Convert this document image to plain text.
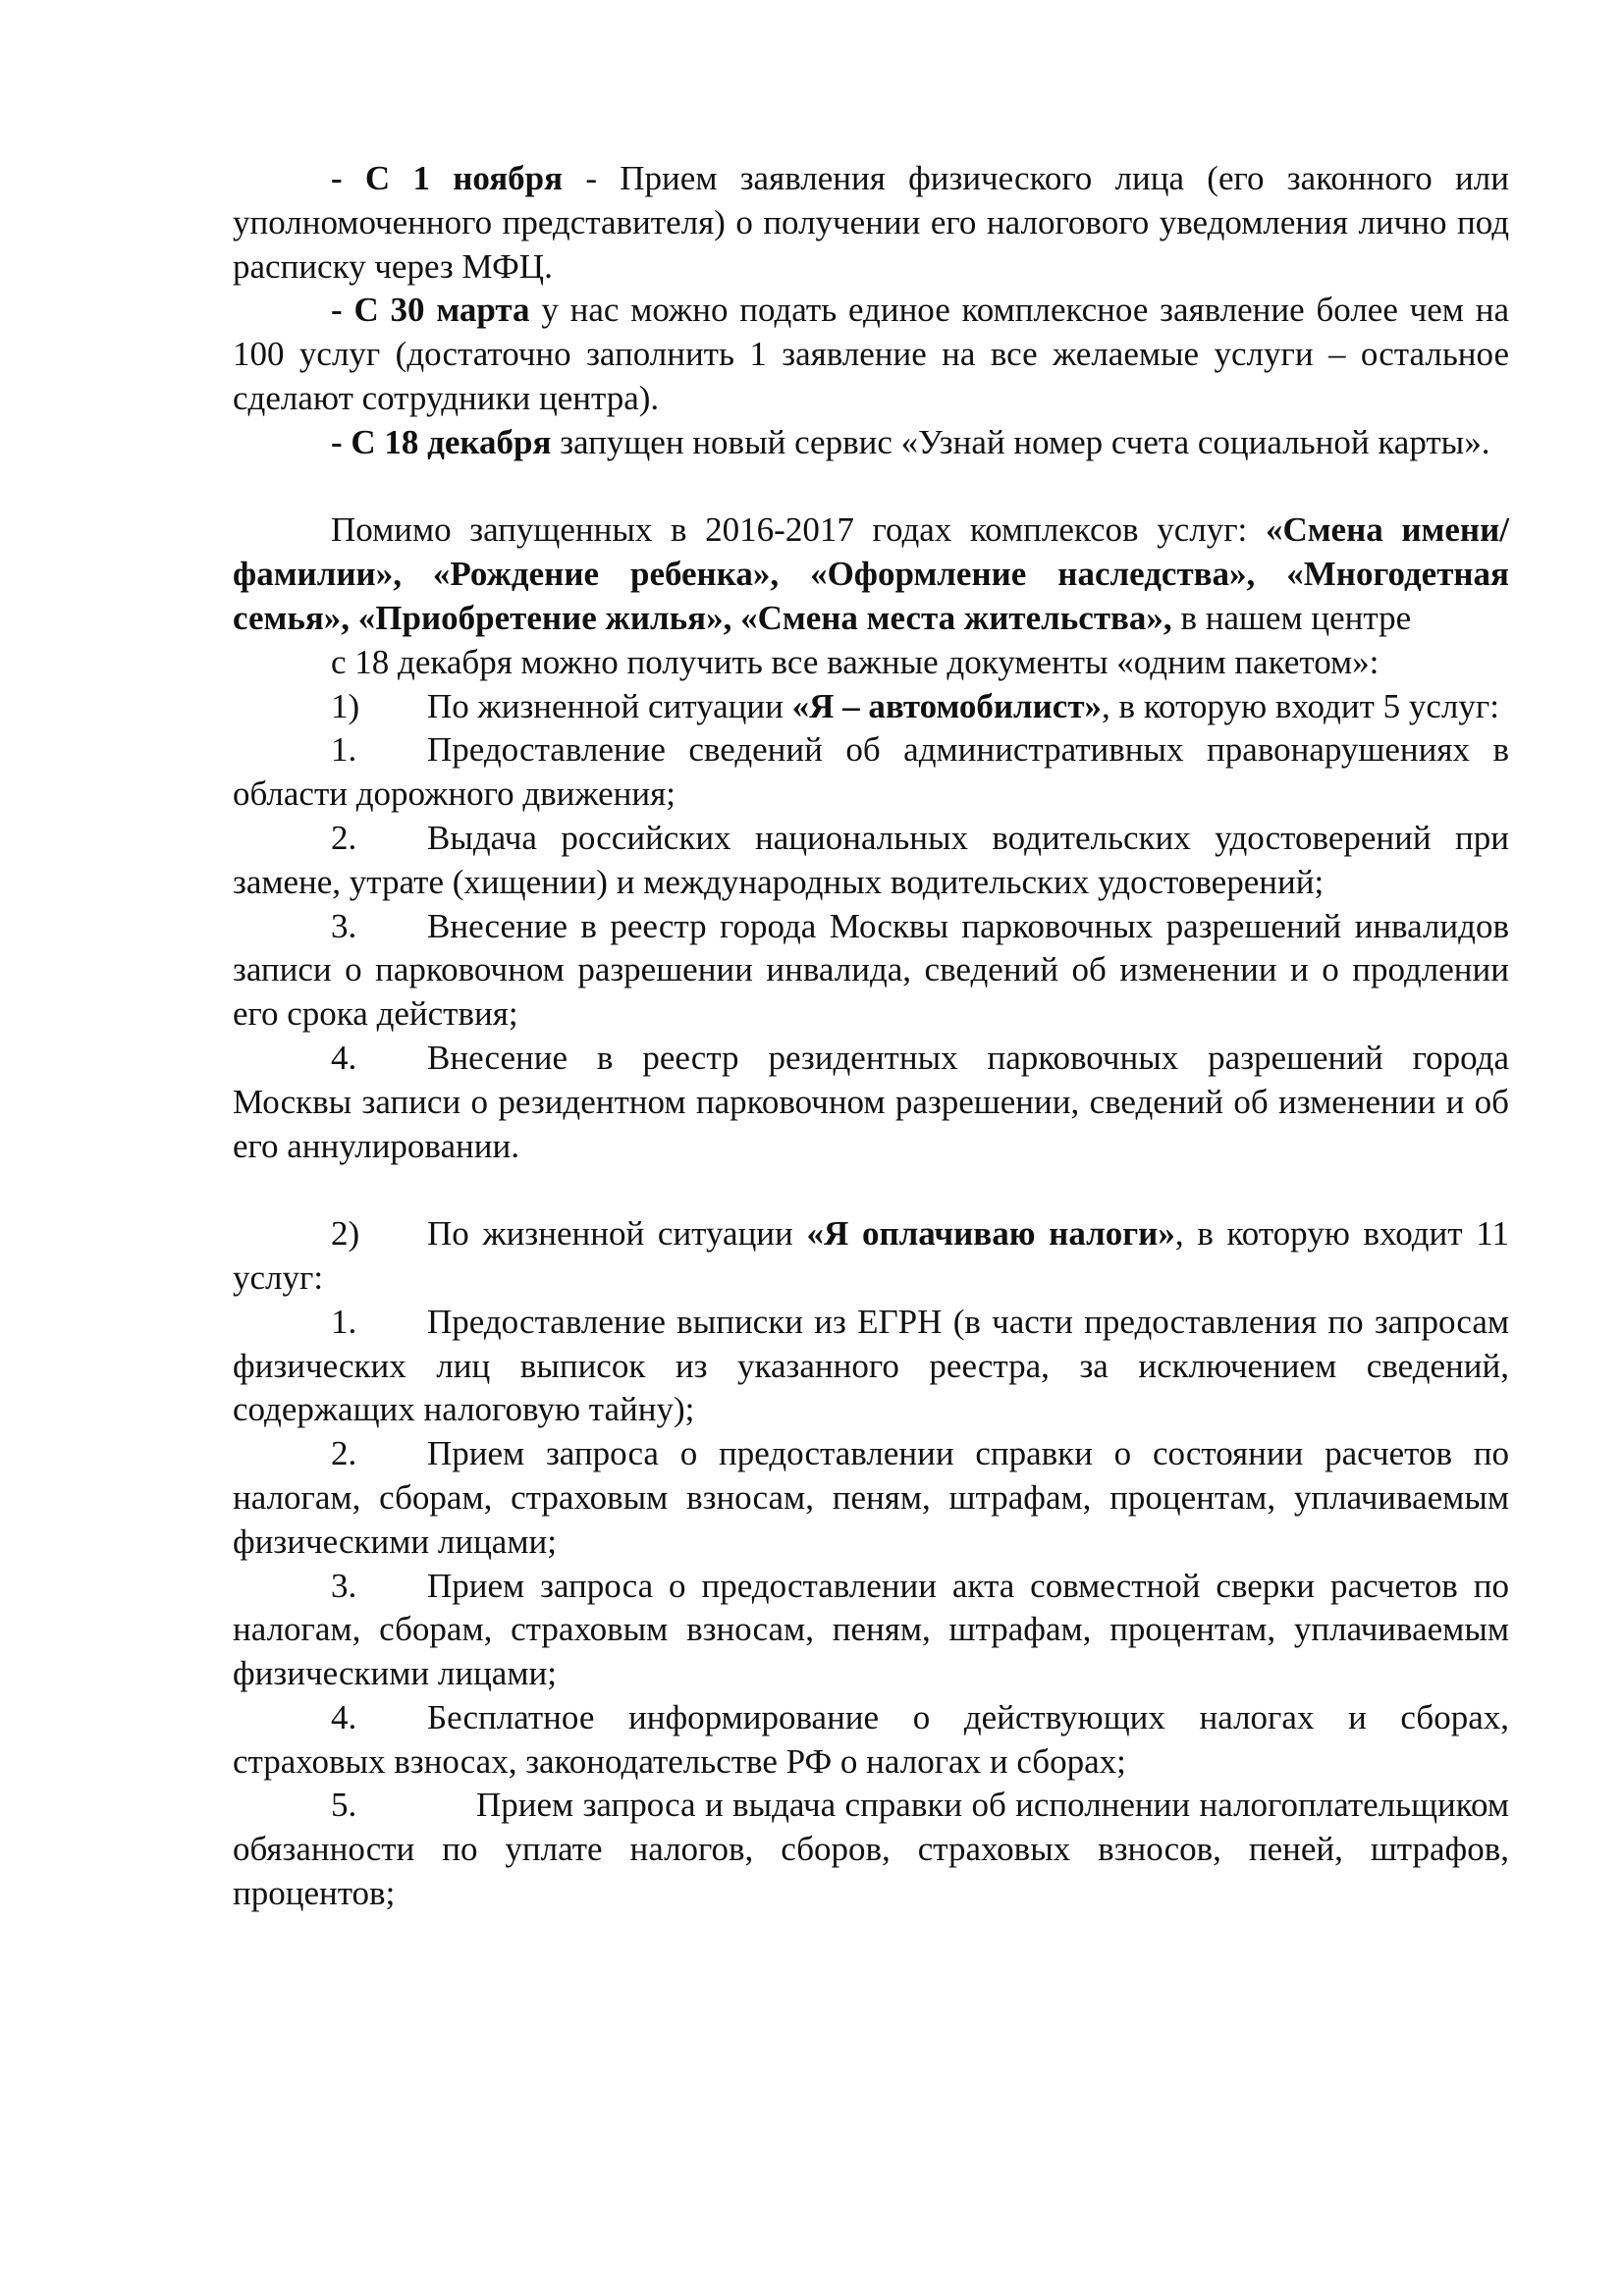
- С 1 ноября - Прием заявления физического лица (его законного или уполномоченного представителя) о получении его налогового уведомления лично под расписку через МФЦ.

- С 30 марта у нас можно подать единое комплексное заявление более чем на 100 услуг (достаточно заполнить 1 заявление на все желаемые услуги – остальное сделают сотрудники центра).

- С 18 декабря запущен новый сервис «Узнай номер счета социальной карты».

Помимо запущенных в 2016-2017 годах комплексов услуг: «Смена имени/фамилии», «Рождение ребенка», «Оформление наследства», «Многодетная семья», «Приобретение жилья», «Смена места жительства», в нашем центре

с 18 декабря можно получить все важные документы «одним пакетом»:

1) По жизненной ситуации «Я – автомобилист», в которую входит 5 услуг:

1. Предоставление сведений об административных правонарушениях в области дорожного движения;

2. Выдача российских национальных водительских удостоверений при замене, утрате (хищении) и международных водительских удостоверений;

3. Внесение в реестр города Москвы парковочных разрешений инвалидов записи о парковочном разрешении инвалида, сведений об изменении и о продлении его срока действия;

4. Внесение в реестр резидентных парковочных разрешений города Москвы записи о резидентном парковочном разрешении, сведений об изменении и об его аннулировании.

2) По жизненной ситуации «Я оплачиваю налоги», в которую входит 11 услуг:

1. Предоставление выписки из ЕГРН (в части предоставления по запросам физических лиц выписок из указанного реестра, за исключением сведений, содержащих налоговую тайну);

2. Прием запроса о предоставлении справки о состоянии расчетов по налогам, сборам, страховым взносам, пеням, штрафам, процентам, уплачиваемым физическими лицами;

3. Прием запроса о предоставлении акта совместной сверки расчетов по налогам, сборам, страховым взносам, пеням, штрафам, процентам, уплачиваемым физическими лицами;

4. Бесплатное информирование о действующих налогах и сборах, страховых взносах, законодательстве РФ о налогах и сборах;

5.	Прием запроса и выдача справки об исполнении налогоплательщиком обязанности по уплате налогов, сборов, страховых взносов, пеней, штрафов, процентов;
